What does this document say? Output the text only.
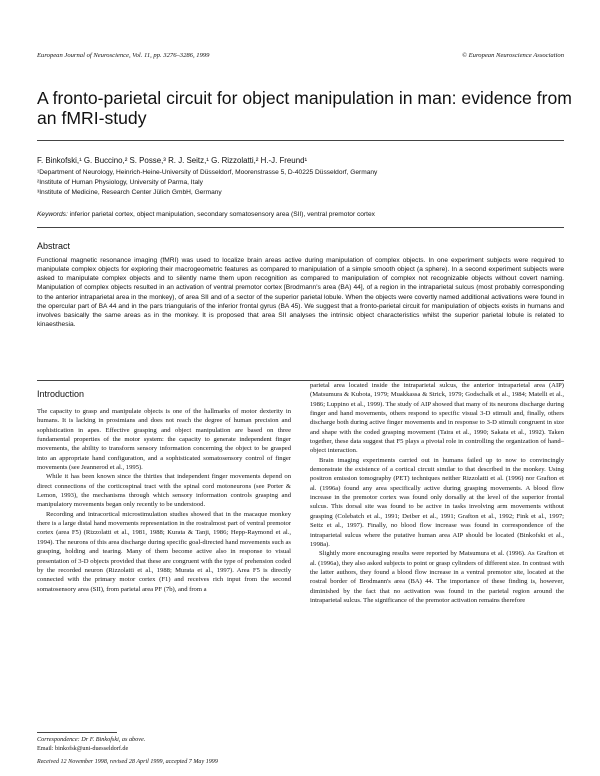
European Journal of Neuroscience, Vol. 11, pp. 3276–3286, 1999	© European Neuroscience Association
A fronto-parietal circuit for object manipulation in man: evidence from an fMRI-study
F. Binkofski,¹ G. Buccino,² S. Posse,³ R. J. Seitz,¹ G. Rizzolatti,² H.-J. Freund¹
¹Department of Neurology, Heinrich-Heine-University of Düsseldorf, Moorenstrasse 5, D-40225 Düsseldorf, Germany
²Institute of Human Physiology, University of Parma, Italy
³Institute of Medicine, Research Center Jülich GmbH, Germany
Keywords: inferior parietal cortex, object manipulation, secondary somatosensory area (SII), ventral premotor cortex
Abstract
Functional magnetic resonance imaging (fMRI) was used to localize brain areas active during manipulation of complex objects. In one experiment subjects were required to manipulate complex objects for exploring their macrogeometric features as compared to manipulation of a simple smooth object (a sphere). In a second experiment subjects were asked to manipulate complex objects and to silently name them upon recognition as compared to manipulation of complex not recognizable objects without covert naming. Manipulation of complex objects resulted in an activation of ventral premotor cortex [Brodmann's area (BA) 44], of a region in the intraparietal sulcus (most probably corresponding to the anterior intraparietal area in the monkey), of area SII and of a sector of the superior parietal lobule. When the objects were covertly named additional activations were found in the opercular part of BA 44 and in the pars triangularis of the inferior frontal gyrus (BA 45). We suggest that a fronto-parietal circuit for manipulation of objects exists in humans and involves basically the same areas as in the monkey. It is proposed that area SII analyses the intrinsic object characteristics whilst the superior parietal lobule is related to kinaesthesia.
Introduction

The capacity to grasp and manipulate objects is one of the hallmarks of motor dexterity in humans. It is lacking in prosimians and does not reach the degree of human precision and sophistication in apes. Effective grasping and object manipulation are based on three fundamental properties of the motor system: the capacity to generate independent finger movements, the ability to transform sensory information concerning the object to be grasped into an appropriate hand configuration, and a sophisticated somatosensory control of finger movements (see Jeannerod et al., 1995).

While it has been known since the thirties that independent finger movements depend on direct connections of the corticospinal tract with the spinal cord motoneurons (see Porter & Lemon, 1993), the mechanisms through which sensory information controls grasping and manipulatory movements began only recently to be understood.

Recording and intracortical microstimulation studies showed that in the macaque monkey there is a large distal hand movements representation in the rostralmost part of ventral premotor cortex (area F5) (Rizzolatti et al., 1981, 1988; Kurata & Tanji, 1986; Hepp-Raymond et al., 1994). The neurons of this area discharge during specific goal-directed hand movements such as grasping, holding and tearing. Many of them become active also in response to visual presentation of 3-D objects provided that these are congruent with the type of prehension coded by the recorded neuron (Rizzolatti et al., 1988; Murata et al., 1997). Area F5 is directly connected with the primary motor cortex (F1) and receives rich input from the second somatosensory area (SII), from parietal area PF (7b), and from a

parietal area located inside the intraparietal sulcus, the anterior intraparietal area (AIP) (Matsumura & Kubota, 1979; Muakkassa & Strick, 1979; Godschalk et al., 1984; Matelli et al., 1986; Luppino et al., 1999). The study of AIP showed that many of its neurons discharge during finger and hand movements, others respond to specific visual 3-D stimuli and, finally, others discharge both during active finger movements and in response to 3-D stimuli congruent in size and shape with the coded grasping movement (Taira et al., 1990; Sakata et al., 1992). Taken together, these data suggest that F5 plays a pivotal role in controlling the organization of hand–object interaction.

Brain imaging experiments carried out in humans failed up to now to convincingly demonstrate the existence of a cortical circuit similar to that described in the monkey. Using positron emission tomography (PET) techniques neither Rizzolatti et al. (1996) nor Grafton et al. (1996a) found any area specifically active during grasping movements. A blood flow increase in the premotor cortex was found only dorsally at the level of the superior frontal sulcus. This dorsal site was found to be active in tasks involving arm movements without grasping (Colebatch et al., 1991; Deiber et al., 1991; Grafton et al., 1992; Fink et al., 1997; Seitz et al., 1997). Finally, no blood flow increase was found in correspondence of the intraparietal sulcus where the putative human area AIP should be located (Binkofski et al., 1998a).

Slightly more encouraging results were reported by Matsumura et al. (1996). As Grafton et al. (1996a), they also asked subjects to point or grasp cylinders of different size. In contrast with the latter authors, they found a blood flow increase in a ventral premotor site, located at the rostral border of Brodmann's area (BA) 44. The importance of these finding is, however, diminished by the fact that no activation was found in the parietal region around the intraparietal sulcus. The significance of the premotor activation remains therefore

Correspondence: Dr F. Binkofski, as above.
Email: binkofsk@uni-duesseldorf.de
Received 12 November 1998, revised 28 April 1999, accepted 7 May 1999
